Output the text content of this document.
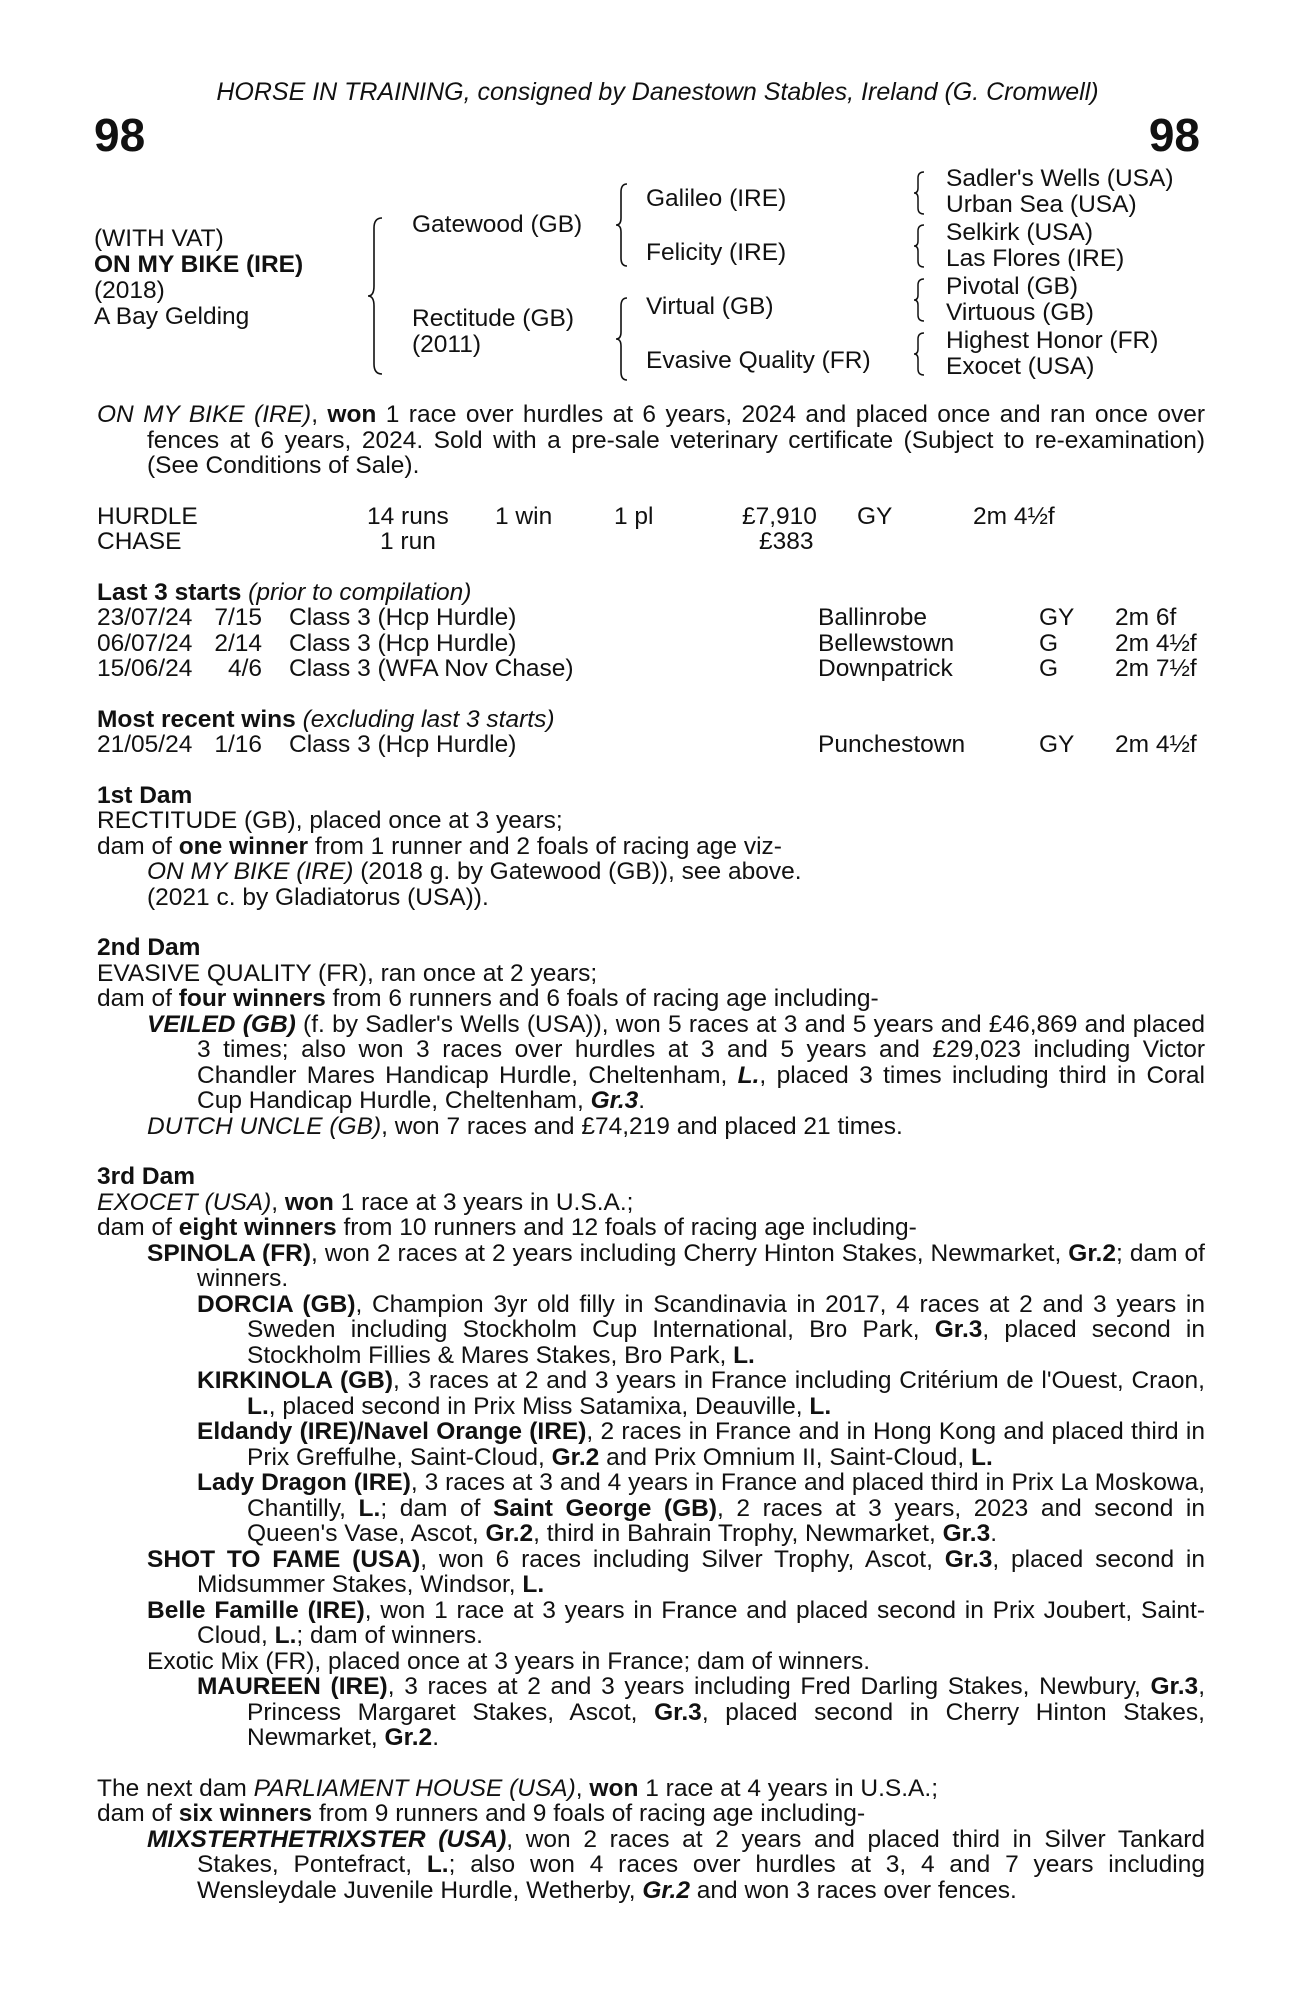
HORSE IN TRAINING, consigned by Danestown Stables, Ireland (G. Cromwell)
98	98
(WITH VAT)
ON MY BIKE (IRE)
(2018)
A Bay Gelding
Gatewood (GB)
Rectitude (GB)
(2011)
Galileo (IRE)
Felicity (IRE)
Virtual (GB)
Evasive Quality (FR)
Sadler's Wells (USA)
Urban Sea (USA)
Selkirk (USA)
Las Flores (IRE)
Pivotal (GB)
Virtuous (GB)
Highest Honor (FR)
Exocet (USA)

ON MY BIKE (IRE), won 1 race over hurdles at 6 years, 2024 and placed once and ran once over fences at 6 years, 2024. Sold with a pre-sale veterinary certificate (Subject to re-examination) (See Conditions of Sale).

HURDLE	14 runs 1 win	1 pl	£7,910 GY	2m 4½f
CHASE	1 run	£383
Last 3 starts (prior to compilation)
23/07/24 7/15 Class 3 (Hcp Hurdle)	Ballinrobe	GY 2m 6f
06/07/24 2/14 Class 3 (Hcp Hurdle)	Bellewstown	G 2m 4½f
15/06/24	4/6 Class 3 (WFA Nov Chase)	Downpatrick	G 2m 7½f
Most recent wins (excluding last 3 starts)
21/05/24 1/16 Class 3 (Hcp Hurdle)	Punchestown	GY 2m 4½f
1st Dam
RECTITUDE (GB), placed once at 3 years;
dam of one winner from 1 runner and 2 foals of racing age viz-
ON MY BIKE (IRE) (2018 g. by Gatewood (GB)), see above.
(2021 c. by Gladiatorus (USA)).
2nd Dam
EVASIVE QUALITY (FR), ran once at 2 years;
dam of four winners from 6 runners and 6 foals of racing age including-

VEILED (GB) (f. by Sadler's Wells (USA)), won 5 races at 3 and 5 years and £46,869 and placed 3 times; also won 3 races over hurdles at 3 and 5 years and £29,023 including Victor Chandler Mares Handicap Hurdle, Cheltenham, L., placed 3 times including third in Coral Cup Handicap Hurdle, Cheltenham, Gr.3.

DUTCH UNCLE (GB), won 7 races and £74,219 and placed 21 times.

3rd Dam
EXOCET (USA), won 1 race at 3 years in U.S.A.;
dam of eight winners from 10 runners and 12 foals of racing age including-

SPINOLA (FR), won 2 races at 2 years including Cherry Hinton Stakes, Newmarket, Gr.2; dam of winners.

DORCIA (GB), Champion 3yr old filly in Scandinavia in 2017, 4 races at 2 and 3 years in Sweden including Stockholm Cup International, Bro Park, Gr.3, placed second in Stockholm Fillies & Mares Stakes, Bro Park, L.

KIRKINOLA (GB), 3 races at 2 and 3 years in France including Critérium de l'Ouest, Craon, L., placed second in Prix Miss Satamixa, Deauville, L.

Eldandy (IRE)/Navel Orange (IRE), 2 races in France and in Hong Kong and placed third in Prix Greffulhe, Saint-Cloud, Gr.2 and Prix Omnium II, Saint-Cloud, L.

Lady Dragon (IRE), 3 races at 3 and 4 years in France and placed third in Prix La Moskowa, Chantilly, L.; dam of Saint George (GB), 2 races at 3 years, 2023 and second in Queen's Vase, Ascot, Gr.2, third in Bahrain Trophy, Newmarket, Gr.3.

SHOT TO FAME (USA), won 6 races including Silver Trophy, Ascot, Gr.3, placed second in Midsummer Stakes, Windsor, L.

Belle Famille (IRE), won 1 race at 3 years in France and placed second in Prix Joubert, Saint-Cloud, L.; dam of winners.

Exotic Mix (FR), placed once at 3 years in France; dam of winners.

MAUREEN (IRE), 3 races at 2 and 3 years including Fred Darling Stakes, Newbury, Gr.3, Princess Margaret Stakes, Ascot, Gr.3, placed second in Cherry Hinton Stakes, Newmarket, Gr.2.

The next dam PARLIAMENT HOUSE (USA), won 1 race at 4 years in U.S.A.;
dam of six winners from 9 runners and 9 foals of racing age including-

MIXSTERTHETRIXSTER (USA), won 2 races at 2 years and placed third in Silver Tankard Stakes, Pontefract, L.; also won 4 races over hurdles at 3, 4 and 7 years including Wensleydale Juvenile Hurdle, Wetherby, Gr.2 and won 3 races over fences.
